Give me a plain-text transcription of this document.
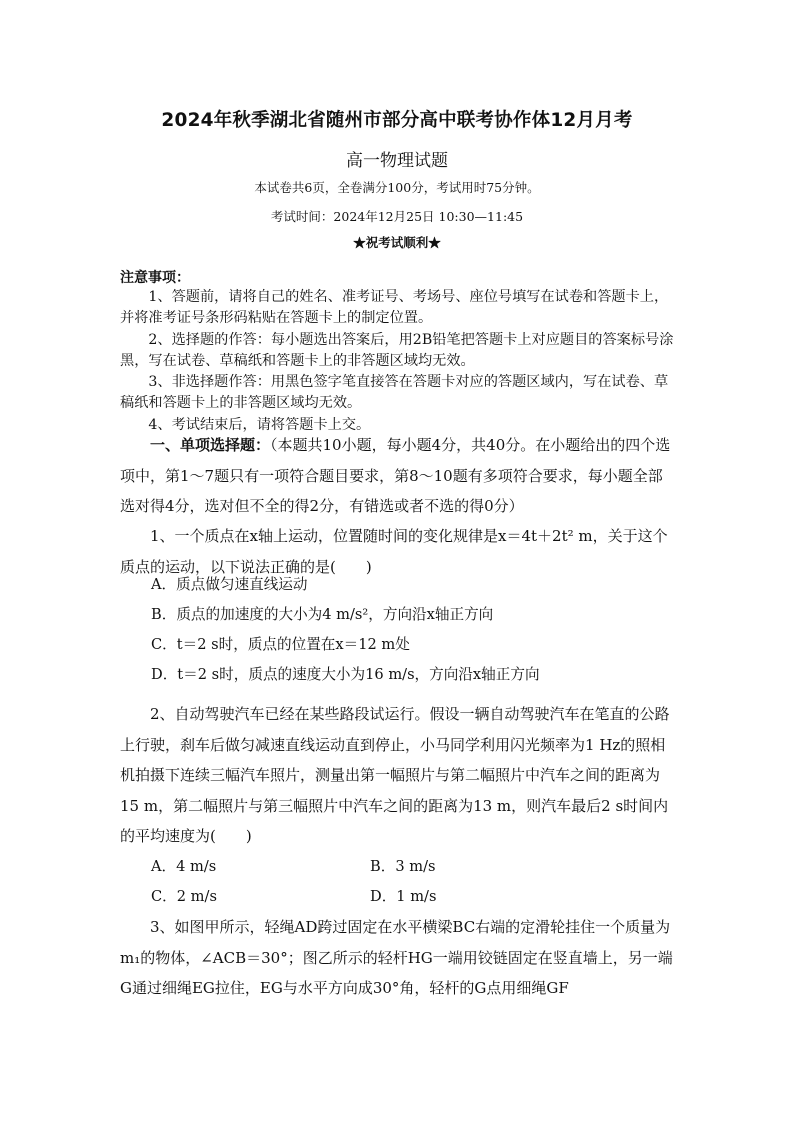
2024年秋季湖北省随州市部分高中联考协作体12月月考
高一物理试题
本试卷共6页，全卷满分100分，考试用时75分钟。
考试时间：2024年12月25日 10:30—11:45
★祝考试顺利★
注意事项：

1、答题前，请将自己的姓名、准考证号、考场号、座位号填写在试卷和答题卡上，并将准考证号条形码粘贴在答题卡上的制定位置。

2、选择题的作答：每小题选出答案后，用2B铅笔把答题卡上对应题目的答案标号涂黑，写在试卷、草稿纸和答题卡上的非答题区域均无效。

3、非选择题作答：用黑色签字笔直接答在答题卡对应的答题区域内，写在试卷、草稿纸和答题卡上的非答题区域均无效。

4、考试结束后，请将答题卡上交。

一、单项选择题：（本题共10小题，每小题4分，共40分。在小题给出的四个选项中，第1～7题只有一项符合题目要求，第8～10题有多项符合要求，每小题全部选对得4分，选对但不全的得2分，有错选或者不选的得0分）

1、一个质点在x轴上运动，位置随时间的变化规律是x＝4t＋2t² m，关于这个质点的运动，以下说法正确的是(　　)

A．质点做匀速直线运动
B．质点的加速度的大小为4 m/s²，方向沿x轴正方向
C．t＝2 s时，质点的位置在x＝12 m处
D．t＝2 s时，质点的速度大小为16 m/s，方向沿x轴正方向

2、自动驾驶汽车已经在某些路段试运行。假设一辆自动驾驶汽车在笔直的公路上行驶，刹车后做匀减速直线运动直到停止，小马同学利用闪光频率为1 Hz的照相机拍摄下连续三幅汽车照片，测量出第一幅照片与第二幅照片中汽车之间的距离为15 m，第二幅照片与第三幅照片中汽车之间的距离为13 m，则汽车最后2 s时间内的平均速度为(　　)

A．4 m/s	B．3 m/s
C．2 m/s	D．1 m/s

3、如图甲所示，轻绳AD跨过固定在水平横梁BC右端的定滑轮挂住一个质量为m₁的物体，∠ACB＝30°；图乙所示的轻杆HG一端用铰链固定在竖直墙上，另一端G通过细绳EG拉住，EG与水平方向成30°角，轻杆的G点用细绳GF
